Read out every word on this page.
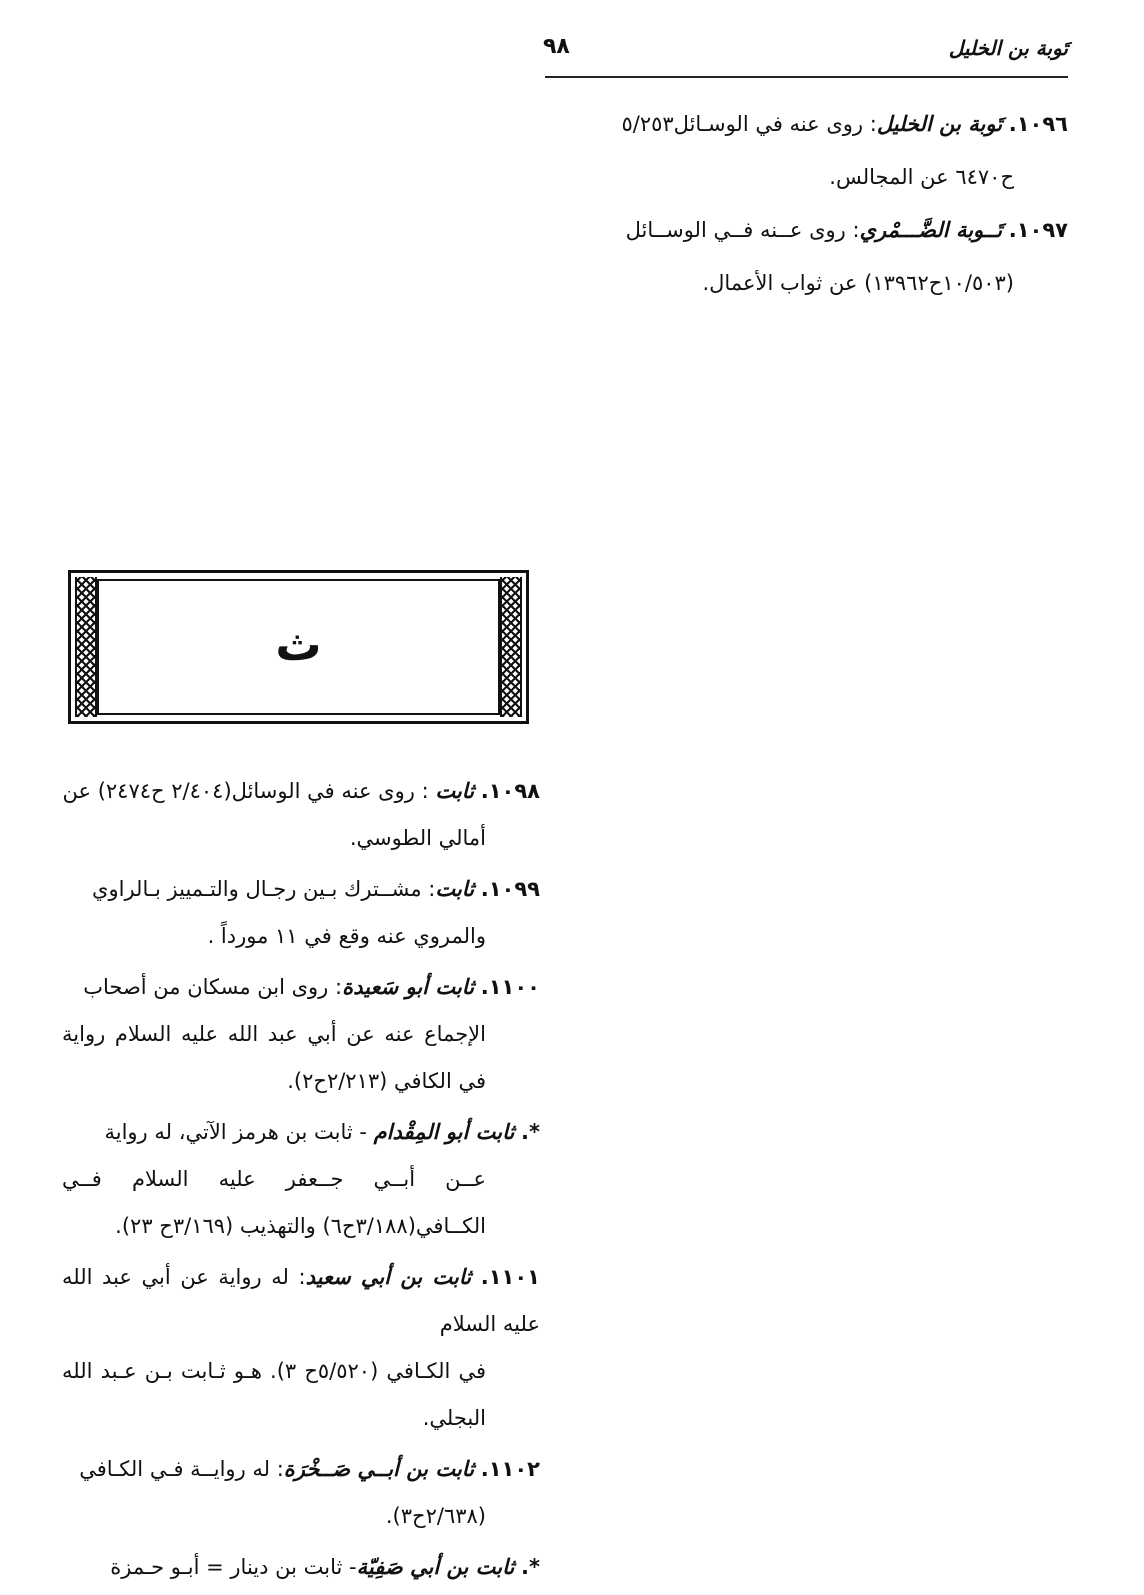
تَوبة بن الخليل
٩٨
١٠٩٦. تَوبة بن الخليل: روى عنه في الوسـائل٥/٢٥٣
ح٦٤٧٠ عن المجالس.
١٠٩٧. تَــوبة الضَّـــمْري: روى عــنه فــي الوســائل
(١٠/٥٠٣ح١٣٩٦٢) عن ثواب الأعمال.
ث
١٠٩٨. ثابت : روى عنه في الوسائل(٢/٤٠٤ ح٢٤٧٤) عن
أمالي الطوسي.
١٠٩٩. ثابت: مشــترك بـين رجـال والتـمييز بـالراوي
والمروي عنه وقع في ١١ مورداً .
١١٠٠. ثابت أبو سَعيدة: روى ابن مسكان من أصحاب
الإجماع عنه عن أبي عبد الله عليه السلام رواية في الكافي (٢/٢١٣ح٢).
*. ثابت أبو المِقْدام - ثابت بن هرمز الآتي، له رواية
عــن أبــي جــعفر عليه السلام فــي الكــافي(٣/١٨٨ح٦) والتهذيب (٣/١٦٩ح ٢٣).
١١٠١. ثابت بن أبي سعيد: له رواية عن أبي عبد الله عليه السلام
في الكـافي (٥/٥٢٠ح ٣). هـو ثـابت بـن عـبد الله البجلي.
١١٠٢. ثابت بن أبــي صَــخْرَة: له روايــة فـي الكـافي
(٢/٦٣٨ح٣).
*. ثابت بن أبي صَفِيّة- ثابت بن دينار = أبـو حـمزة
